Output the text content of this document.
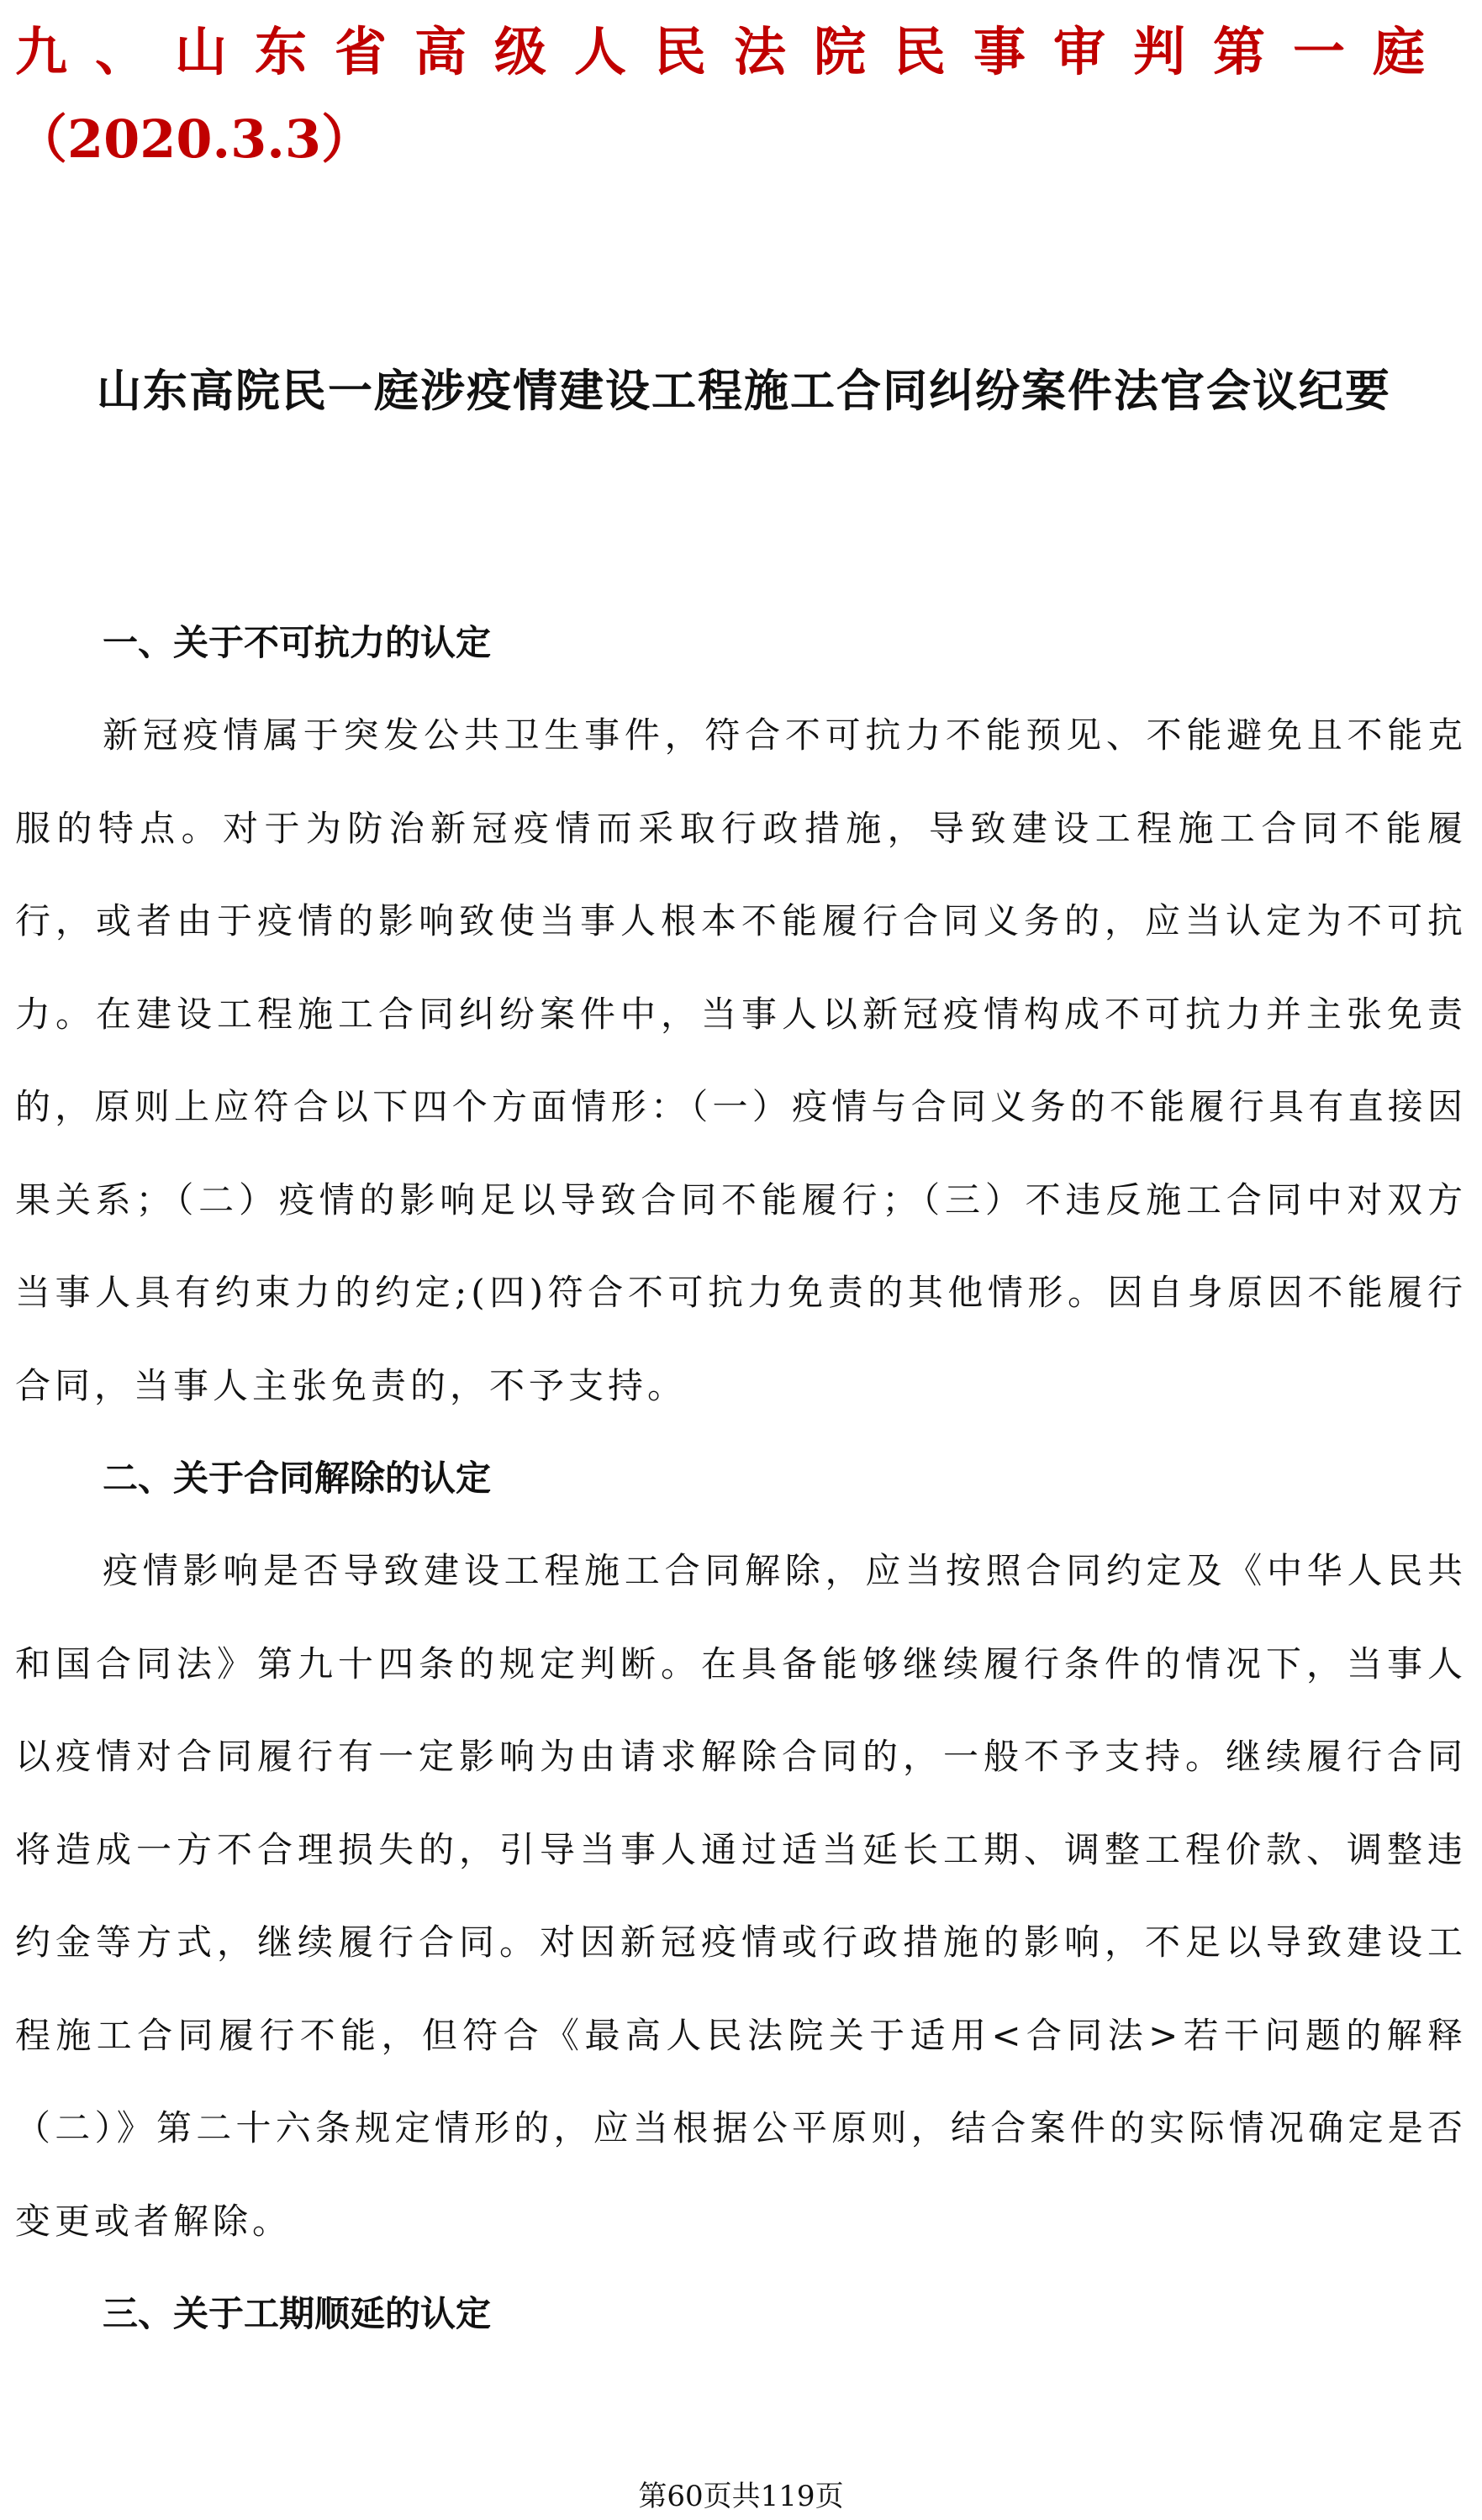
九、山东省高级人民法院民事审判第一庭
（2020.3.3）
山东高院民一庭涉疫情建设工程施工合同纠纷案件法官会议纪要
一、关于不可抗力的认定

新冠疫情属于突发公共卫生事件，符合不可抗力不能预见、不能避免且不能克服的特点。对于为防治新冠疫情而采取行政措施，导致建设工程施工合同不能履行，或者由于疫情的影响致使当事人根本不能履行合同义务的，应当认定为不可抗力。在建设工程施工合同纠纷案件中，当事人以新冠疫情构成不可抗力并主张免责的，原则上应符合以下四个方面情形：（一）疫情与合同义务的不能履行具有直接因果关系；（二）疫情的影响足以导致合同不能履行；（三）不违反施工合同中对双方当事人具有约束力的约定;(四)符合不可抗力免责的其他情形。因自身原因不能履行合同，当事人主张免责的，不予支持。

二、关于合同解除的认定

疫情影响是否导致建设工程施工合同解除，应当按照合同约定及《中华人民共和国合同法》第九十四条的规定判断。在具备能够继续履行条件的情况下，当事人以疫情对合同履行有一定影响为由请求解除合同的，一般不予支持。继续履行合同将造成一方不合理损失的，引导当事人通过适当延长工期、调整工程价款、调整违约金等方式，继续履行合同。对因新冠疫情或行政措施的影响，不足以导致建设工程施工合同履行不能，但符合《最高人民法院关于适用<合同法>若干问题的解释（二）》第二十六条规定情形的，应当根据公平原则，结合案件的实际情况确定是否变更或者解除。

三、关于工期顺延的认定
第60页共119页
